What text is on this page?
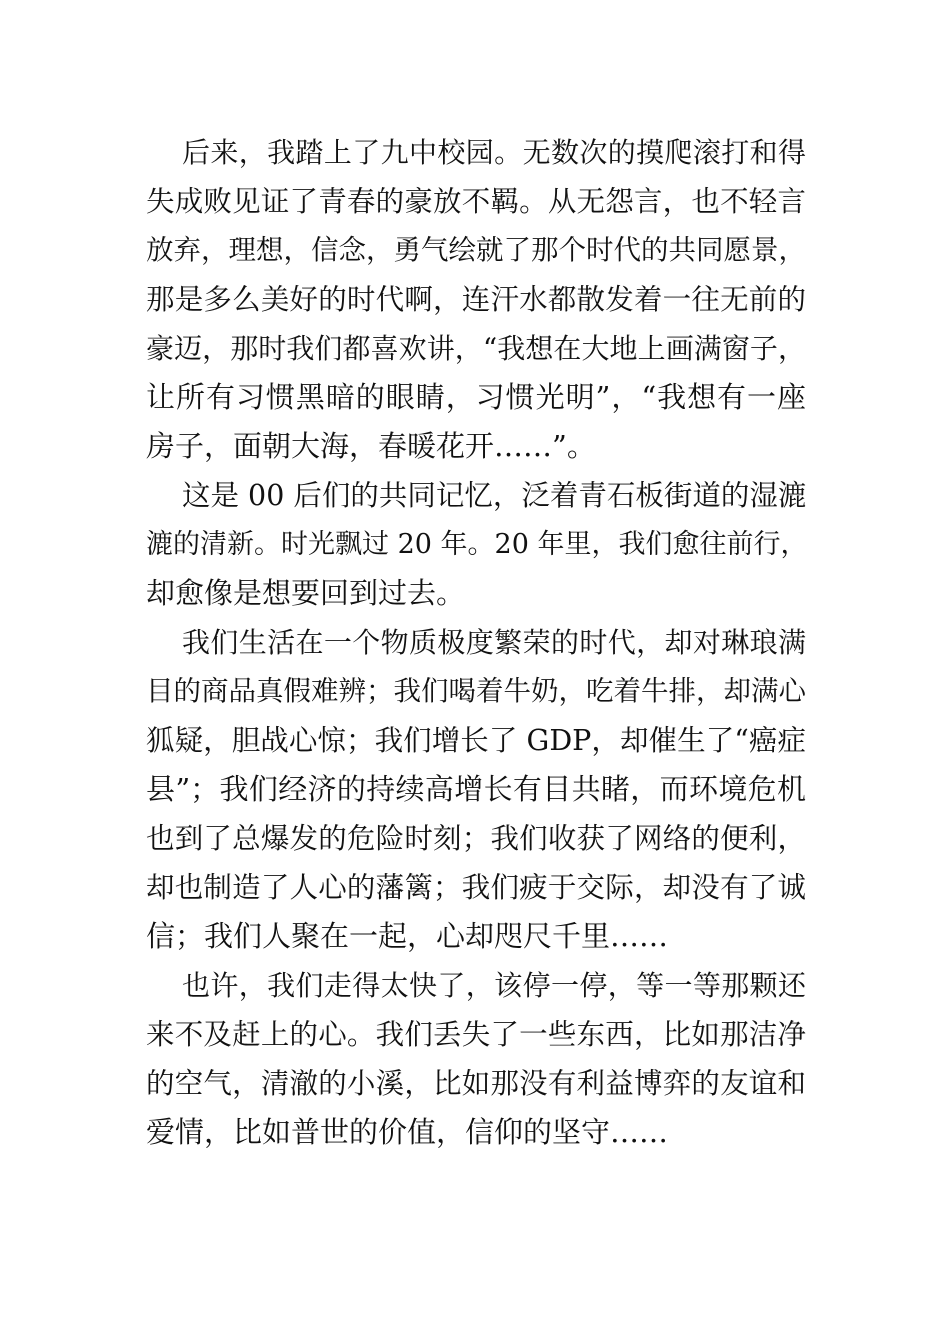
后来，我踏上了九中校园。无数次的摸爬滚打和得
失成败见证了青春的豪放不羁。从无怨言，也不轻言
放弃，理想，信念，勇气绘就了那个时代的共同愿景，
那是多么美好的时代啊，连汗水都散发着一往无前的
豪迈，那时我们都喜欢讲，“我想在大地上画满窗子，
让所有习惯黑暗的眼睛，习惯光明”，“我想有一座
房子，面朝大海，春暖花开……”。
这是 00 后们的共同记忆，泛着青石板街道的湿漉
漉的清新。时光飘过 20 年。20 年里，我们愈往前行，
却愈像是想要回到过去。
我们生活在一个物质极度繁荣的时代，却对琳琅满
目的商品真假难辨；我们喝着牛奶，吃着牛排，却满心
狐疑，胆战心惊；我们增长了 GDP，却催生了“癌症
县”；我们经济的持续高增长有目共睹，而环境危机
也到了总爆发的危险时刻；我们收获了网络的便利，
却也制造了人心的藩篱；我们疲于交际，却没有了诚
信；我们人聚在一起，心却咫尺千里……
也许，我们走得太快了，该停一停，等一等那颗还
来不及赶上的心。我们丢失了一些东西，比如那洁净
的空气，清澈的小溪，比如那没有利益博弈的友谊和
爱情，比如普世的价值，信仰的坚守……
